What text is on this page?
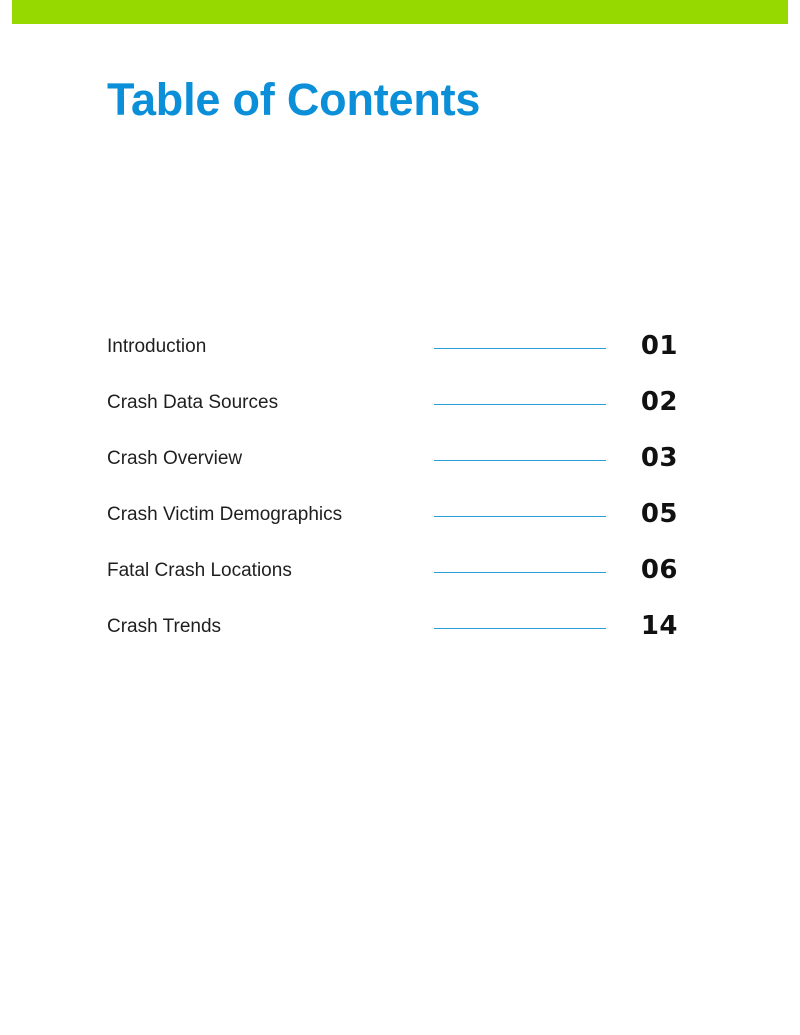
Table of Contents
Introduction	01
Crash Data Sources	02
Crash Overview	03
Crash Victim Demographics	05
Fatal Crash Locations	06
Crash Trends	14
